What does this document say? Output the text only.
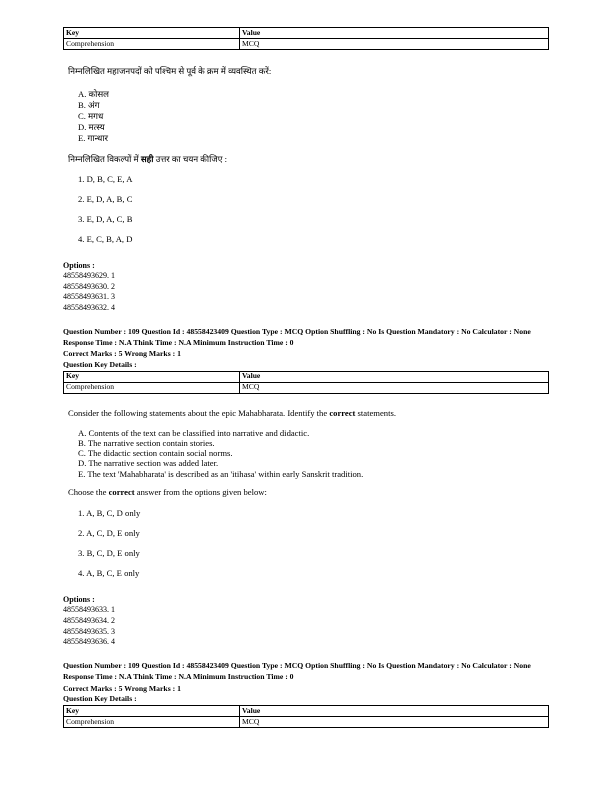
Key	Value
Comprehension	MCQ
निम्नलिखित महाजनपदों को पश्चिम से पूर्व के क्रम में व्यवस्थित करें:
A. कोसल
B. अंग
C. मगध
D. मत्स्य
E. गान्धार
निम्नलिखित विकल्पों में सही उत्तर का चयन कीजिए :
1. D, B, C, E, A
2. E, D, A, B, C
3. E, D, A, C, B
4. E, C, B, A, D
Options :
48558493629. 1
48558493630. 2
48558493631. 3
48558493632. 4
Question Number : 109 Question Id : 48558423409 Question Type : MCQ Option Shuffling : No Is Question Mandatory : No Calculator : None
Response Time : N.A Think Time : N.A Minimum Instruction Time : 0
Correct Marks : 5 Wrong Marks : 1
Question Key Details :
Key	Value
Comprehension	MCQ
Consider the following statements about the epic Mahabharata. Identify the correct statements.
A. Contents of the text can be classified into narrative and didactic.
B. The narrative section contain stories.
C. The didactic section contain social norms.
D. The narrative section was added later.
E. The text 'Mahabharata' is described as an 'itihasa' within early Sanskrit tradition.
Choose the correct answer from the options given below:
1. A, B, C, D only
2. A, C, D, E only
3. B, C, D, E only
4. A, B, C, E only
Options :
48558493633. 1
48558493634. 2
48558493635. 3
48558493636. 4
Question Number : 109 Question Id : 48558423409 Question Type : MCQ Option Shuffling : No Is Question Mandatory : No Calculator : None
Response Time : N.A Think Time : N.A Minimum Instruction Time : 0
Correct Marks : 5 Wrong Marks : 1
Question Key Details :
Key	Value
Comprehension	MCQ
